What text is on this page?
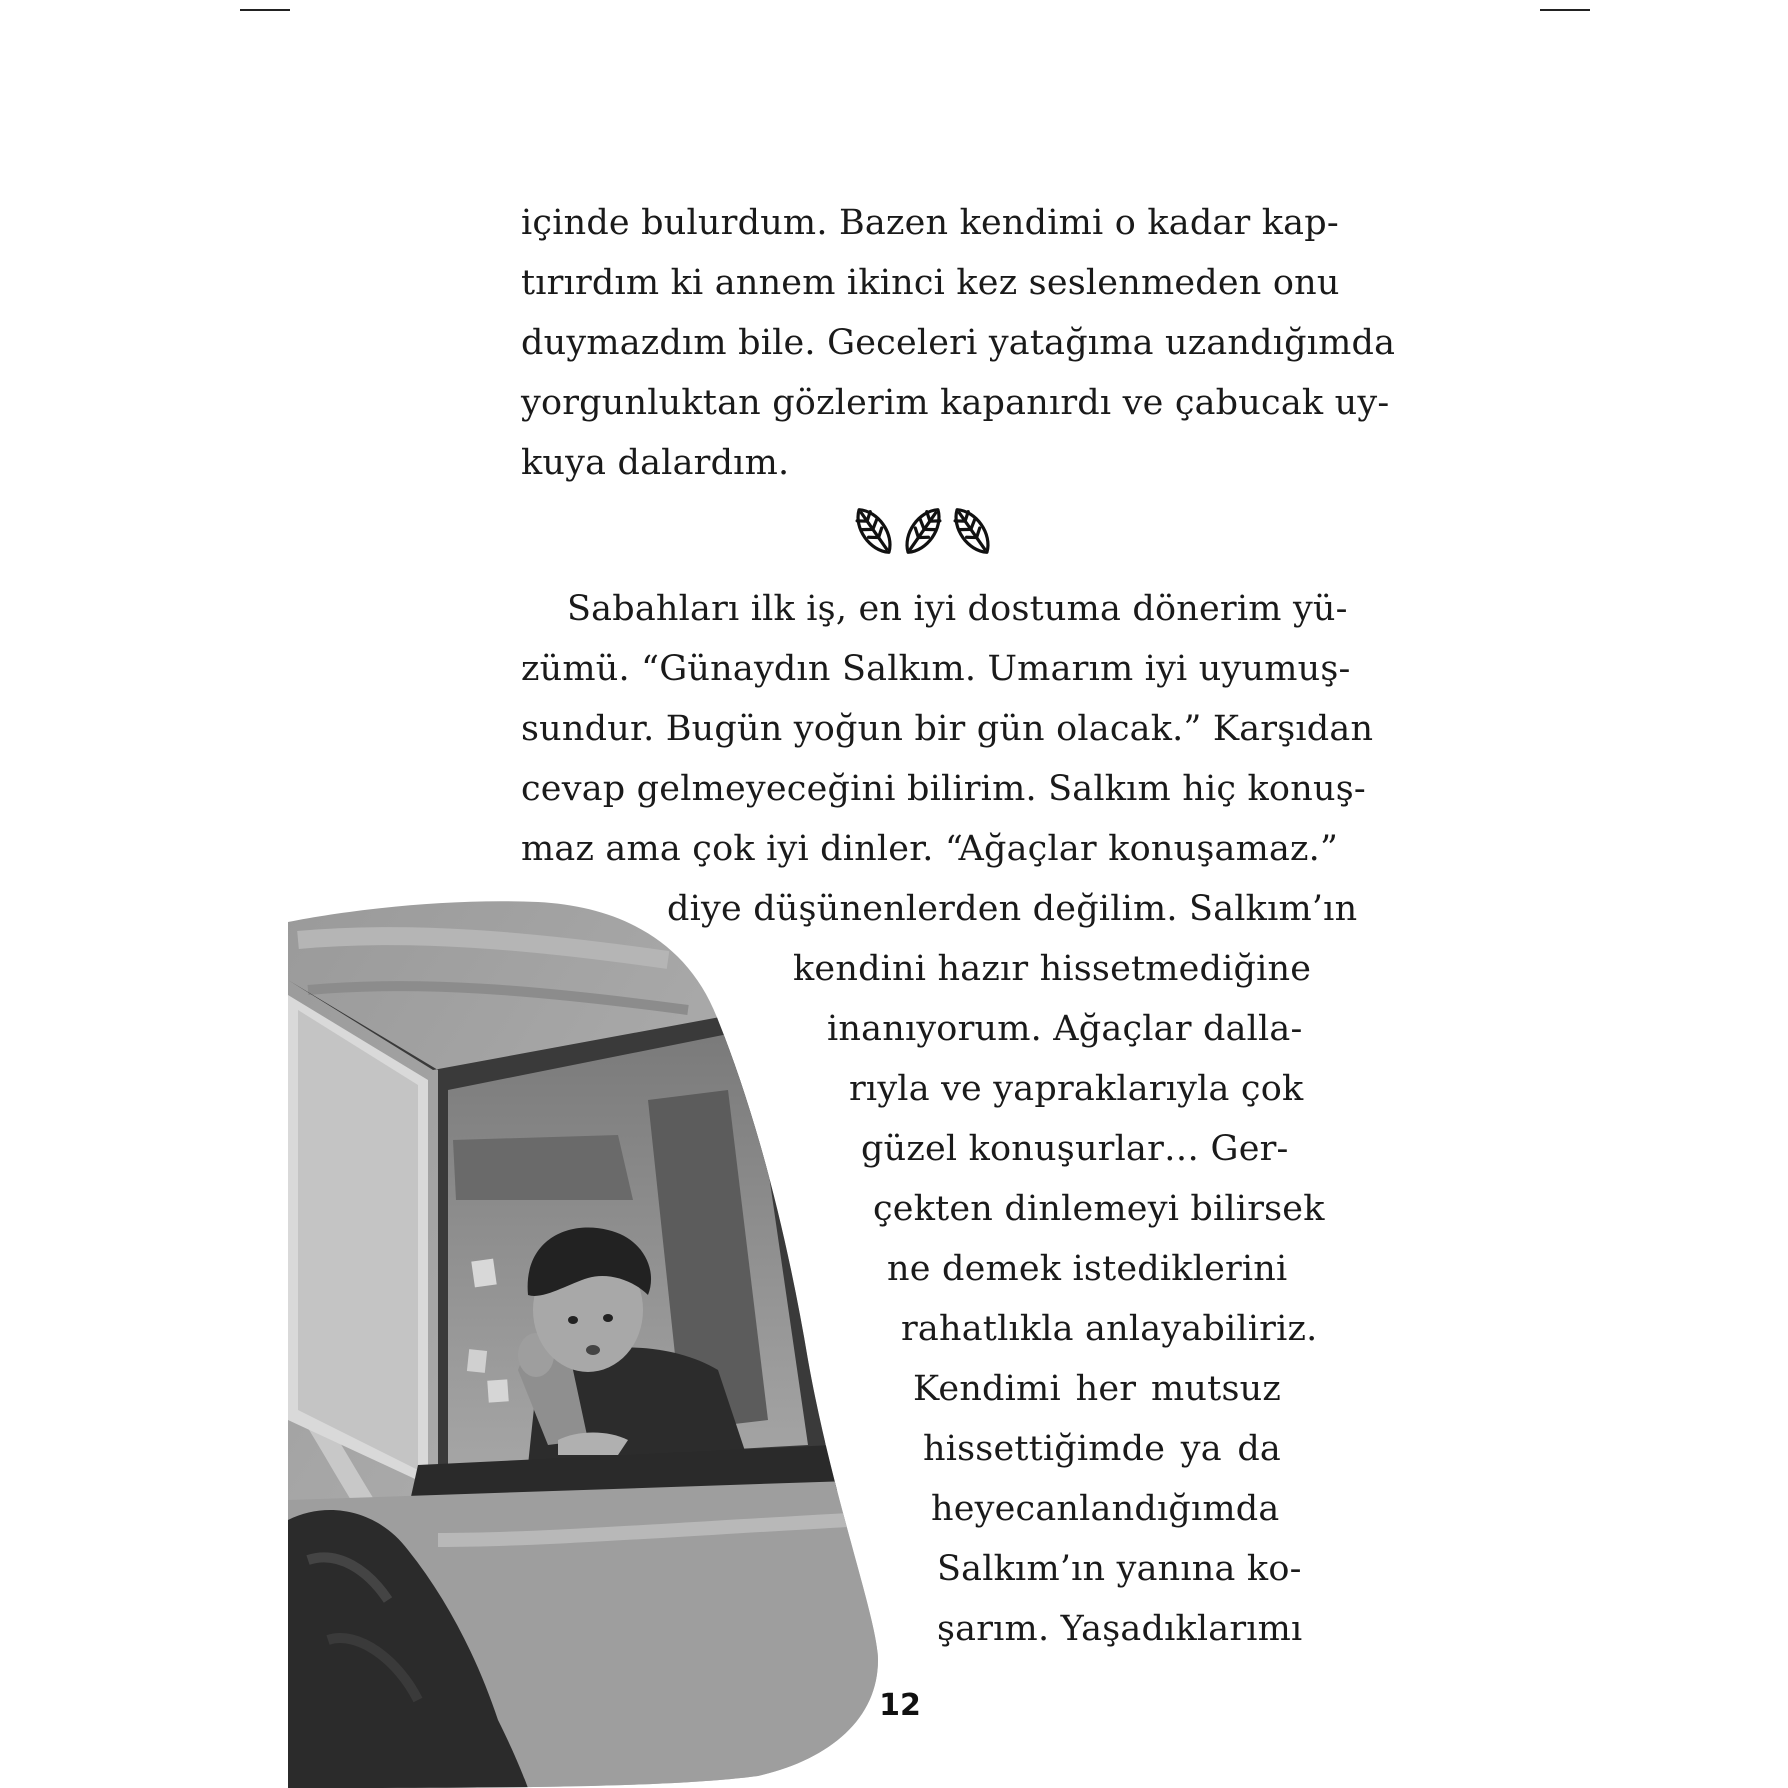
içinde bulurdum. Bazen kendimi o kadar kap-
tırırdım ki annem ikinci kez seslenmeden onu
duymazdım bile. Geceleri yatağıma uzandığımda
yorgunluktan gözlerim kapanırdı ve çabucak uy-
kuya dalardım.
Sabahları ilk iş, en iyi dostuma dönerim yü-
zümü. “Günaydın Salkım. Umarım iyi uyumuş-
sundur. Bugün yoğun bir gün olacak.” Karşıdan
cevap gelmeyeceğini bilirim. Salkım hiç konuş-
maz ama çok iyi dinler. “Ağaçlar konuşamaz.”
diye düşünenlerden değilim. Salkım’ın
kendini hazır hissetmediğine
inanıyorum. Ağaçlar dalla-
rıyla ve yapraklarıyla çok
güzel konuşurlar… Ger-
çekten dinlemeyi bilirsek
ne demek istediklerini
rahatlıkla anlayabiliriz.
Kendimi her mutsuz
hissettiğimde ya da
heyecanlandığımda
Salkım’ın yanına ko-
şarım. Yaşadıklarımı
12
